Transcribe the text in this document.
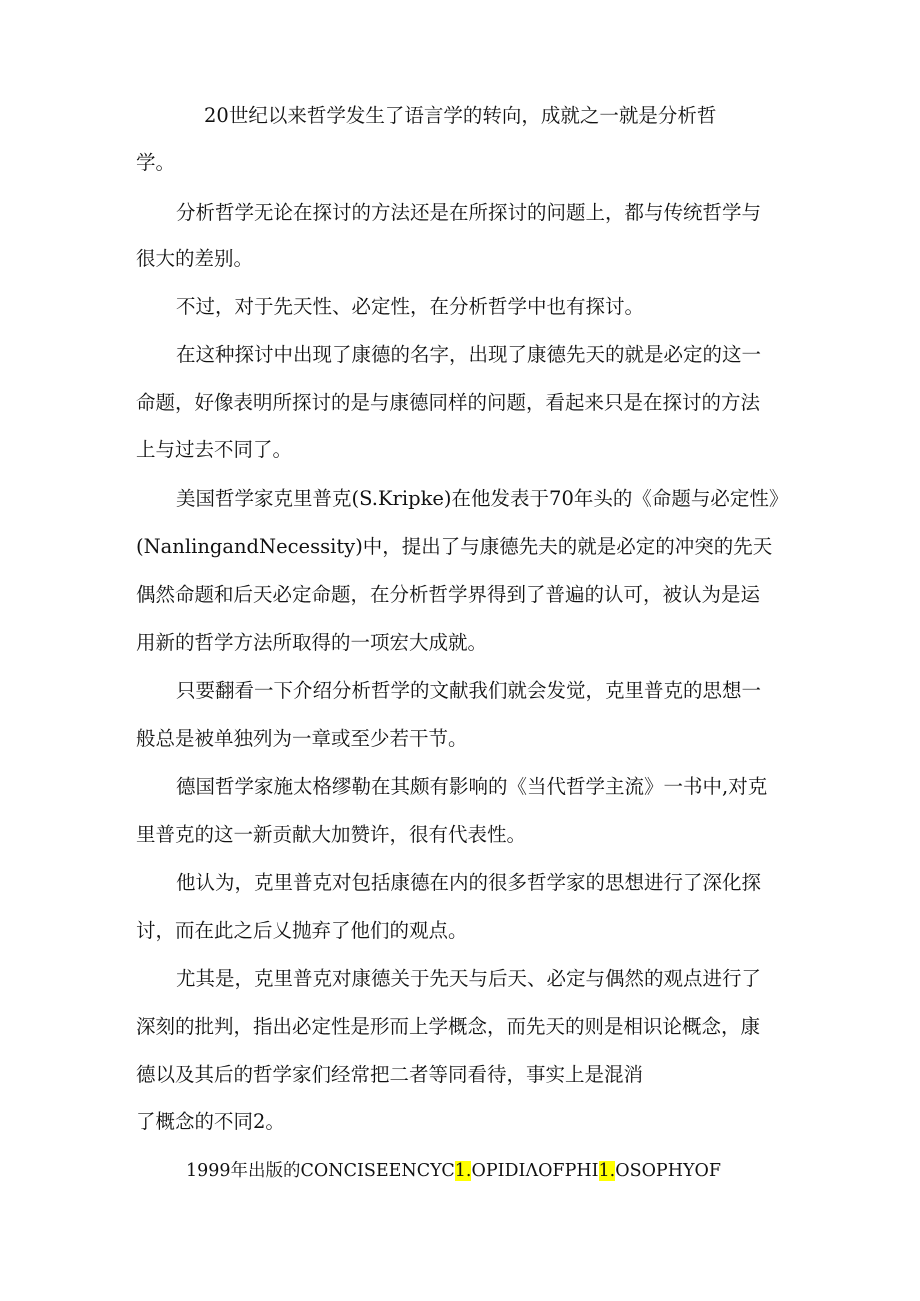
20世纪以来哲学发生了语言学的转向，成就之一就是分析哲

学。

分析哲学无论在探讨的方法还是在所探讨的问题上，都与传统哲学与

很大的差别。

不过，对于先天性、必定性，在分析哲学中也有探讨。

在这种探讨中出现了康德的名字，出现了康德先天的就是必定的这一

命题，好像表明所探讨的是与康德同样的问题，看起来只是在探讨的方法

上与过去不同了。

美国哲学家克里普克(S.Kripke)在他发表于70年头的《命题与必定性》

(NanlingandNecessity)中，提出了与康德先夫的就是必定的冲突的先天

偶然命题和后天必定命题，在分析哲学界得到了普遍的认可，被认为是运

用新的哲学方法所取得的一项宏大成就。

只要翻看一下介绍分析哲学的文献我们就会发觉，克里普克的思想一

般总是被单独列为一章或至少若干节。

德国哲学家施太格缪勒在其颇有影响的《当代哲学主流》一书中,对克

里普克的这一新贡献大加赞许，很有代表性。

他认为，克里普克对包括康德在内的很多哲学家的思想进行了深化探

讨，而在此之后乂抛弃了他们的观点。

尤其是，克里普克对康德关于先天与后天、必定与偶然的观点进行了

深刻的批判，指出必定性是形而上学概念，而先天的则是相识论概念，康

德以及其后的哲学家们经常把二者等同看待，事实上是混消

了概念的不同2。

1999年出版的CONCISEENCYC1.OPIDIΛOFPHI1.OSOPHYOF
